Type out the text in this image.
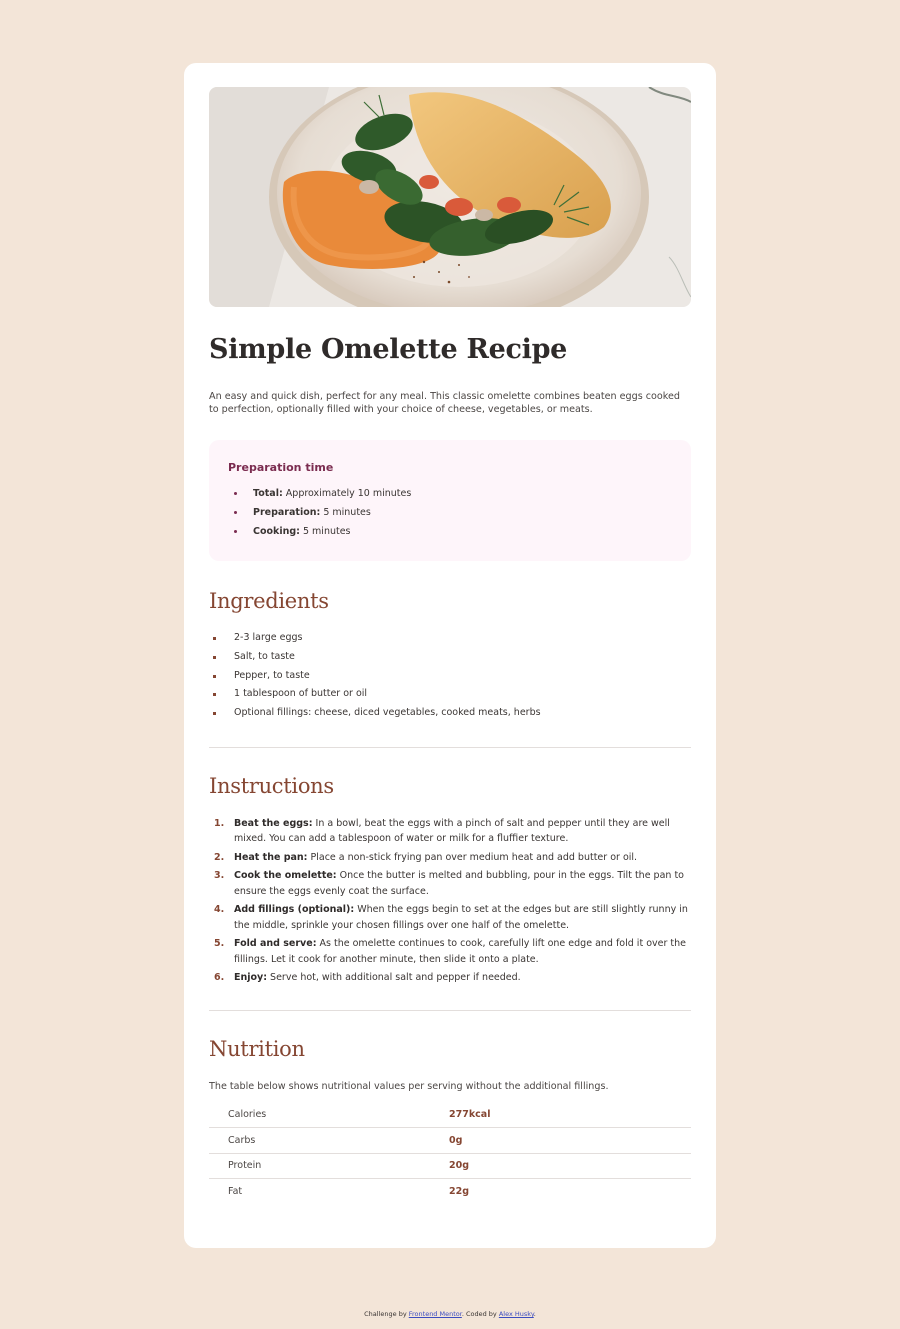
Simple Omelette Recipe

An easy and quick dish, perfect for any meal. This classic omelette combines beaten eggs cooked to perfection, optionally filled with your choice of cheese, vegetables, or meats.

Preparation time
Total: Approximately 10 minutes
Preparation: 5 minutes
Cooking: 5 minutes
Ingredients
2-3 large eggs
Salt, to taste
Pepper, to taste
1 tablespoon of butter or oil
Optional fillings: cheese, diced vegetables, cooked meats, herbs
Instructions
1. Beat the eggs: In a bowl, beat the eggs with a pinch of salt and pepper until they are well mixed. You can add a tablespoon of water or milk for a fluffier texture.
2. Heat the pan: Place a non-stick frying pan over medium heat and add butter or oil.
3. Cook the omelette: Once the butter is melted and bubbling, pour in the eggs. Tilt the pan to ensure the eggs evenly coat the surface.
4. Add fillings (optional): When the eggs begin to set at the edges but are still slightly runny in the middle, sprinkle your chosen fillings over one half of the omelette.
5. Fold and serve: As the omelette continues to cook, carefully lift one edge and fold it over the fillings. Let it cook for another minute, then slide it onto a plate.
6. Enjoy: Serve hot, with additional salt and pepper if needed.
Nutrition

The table below shows nutritional values per serving without the additional fillings.

Calories	277kcal
Carbs	0g
Protein	20g
Fat	22g
Challenge by Frontend Mentor. Coded by Alex Husky.
